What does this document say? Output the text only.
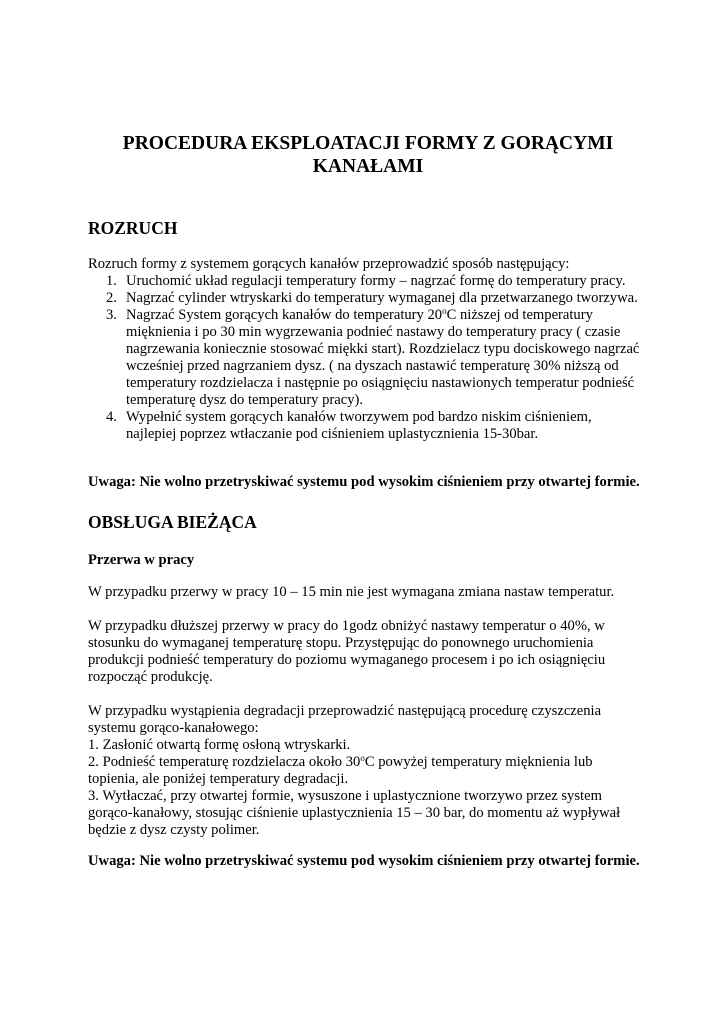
PROCEDURA EKSPLOATACJI FORMY Z GORĄCYMI
KANAŁAMI
ROZRUCH
Rozruch formy z systemem gorących kanałów przeprowadzić sposób następujący:
1. Uruchomić układ regulacji temperatury formy – nagrzać formę do temperatury pracy.
2. Nagrzać cylinder wtryskarki do temperatury wymaganej dla przetwarzanego tworzywa.
3. Nagrzać System gorących kanałów do temperatury 20$^o$C niższej od temperatury mięknienia i po 30 min wygrzewania podnieć nastawy do temperatury pracy ( czasie nagrzewania koniecznie stosować miękki start). Rozdzielacz typu dociskowego nagrzać wcześniej przed nagrzaniem dysz. ( na dyszach nastawić temperaturę 30% niższą od temperatury rozdzielacza i następnie po osiągnięciu nastawionych temperatur podnieść temperaturę dysz do temperatury pracy).
4. Wypełnić system gorących kanałów tworzywem pod bardzo niskim ciśnieniem, najlepiej poprzez wtłaczanie pod ciśnieniem uplastycznienia 15-30bar.
Uwaga: Nie wolno przetryskiwać systemu pod wysokim ciśnieniem przy otwartej formie.
OBSŁUGA BIEŻĄCA
Przerwa w pracy
W przypadku przerwy w pracy 10 – 15 min nie jest wymagana zmiana nastaw temperatur.
W przypadku dłuższej przerwy w pracy do 1godz obniżyć nastawy temperatur o 40%, w stosunku do wymaganej temperaturę stopu. Przystępując do ponownego uruchomienia produkcji podnieść temperatury do poziomu wymaganego procesem i po ich osiągnięciu rozpocząć produkcję.
W przypadku wystąpienia degradacji przeprowadzić następującą procedurę czyszczenia systemu gorąco-kanałowego:
1. Zasłonić otwartą formę osłoną wtryskarki.
2. Podnieść temperaturę rozdzielacza około 30$^o$C powyżej temperatury mięknienia lub topienia, ale poniżej temperatury degradacji.
3. Wytłaczać, przy otwartej formie, wysuszone i uplastycznione tworzywo przez system gorąco-kanałowy, stosując ciśnienie uplastycznienia 15 – 30 bar, do momentu aż wypływał będzie z dysz czysty polimer.
Uwaga: Nie wolno przetryskiwać systemu pod wysokim ciśnieniem przy otwartej formie.
